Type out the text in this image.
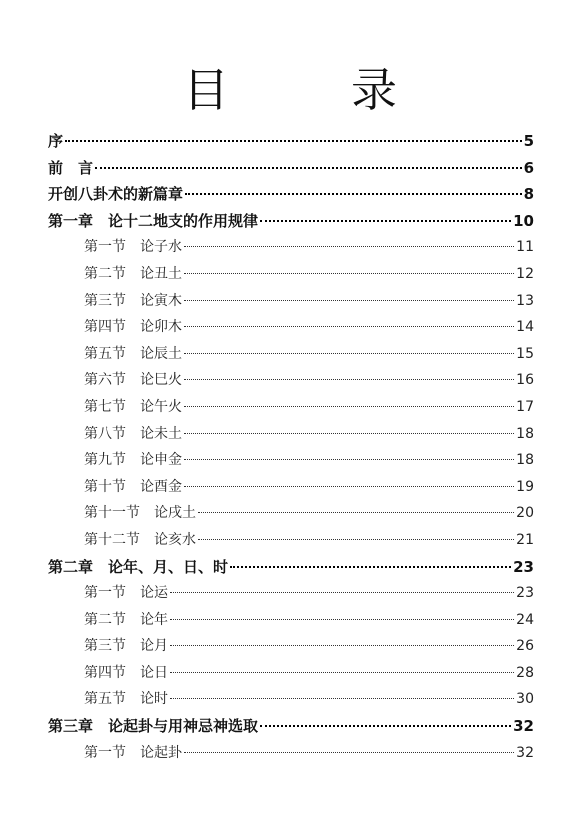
目　录
序	5
前　言	6
开创八卦术的新篇章	8
第一章　论十二地支的作用规律	10
第一节　论子水	11
第二节　论丑土	12
第三节　论寅木	13
第四节　论卯木	14
第五节　论辰土	15
第六节　论巳火	16
第七节　论午火	17
第八节　论未土	18
第九节　论申金	18
第十节　论酉金	19
第十一节　论戌土	20
第十二节　论亥水	21
第二章　论年、月、日、时	23
第一节　论运	23
第二节　论年	24
第三节　论月	26
第四节　论日	28
第五节　论时	30
第三章　论起卦与用神忌神选取	32
第一节　论起卦	32
